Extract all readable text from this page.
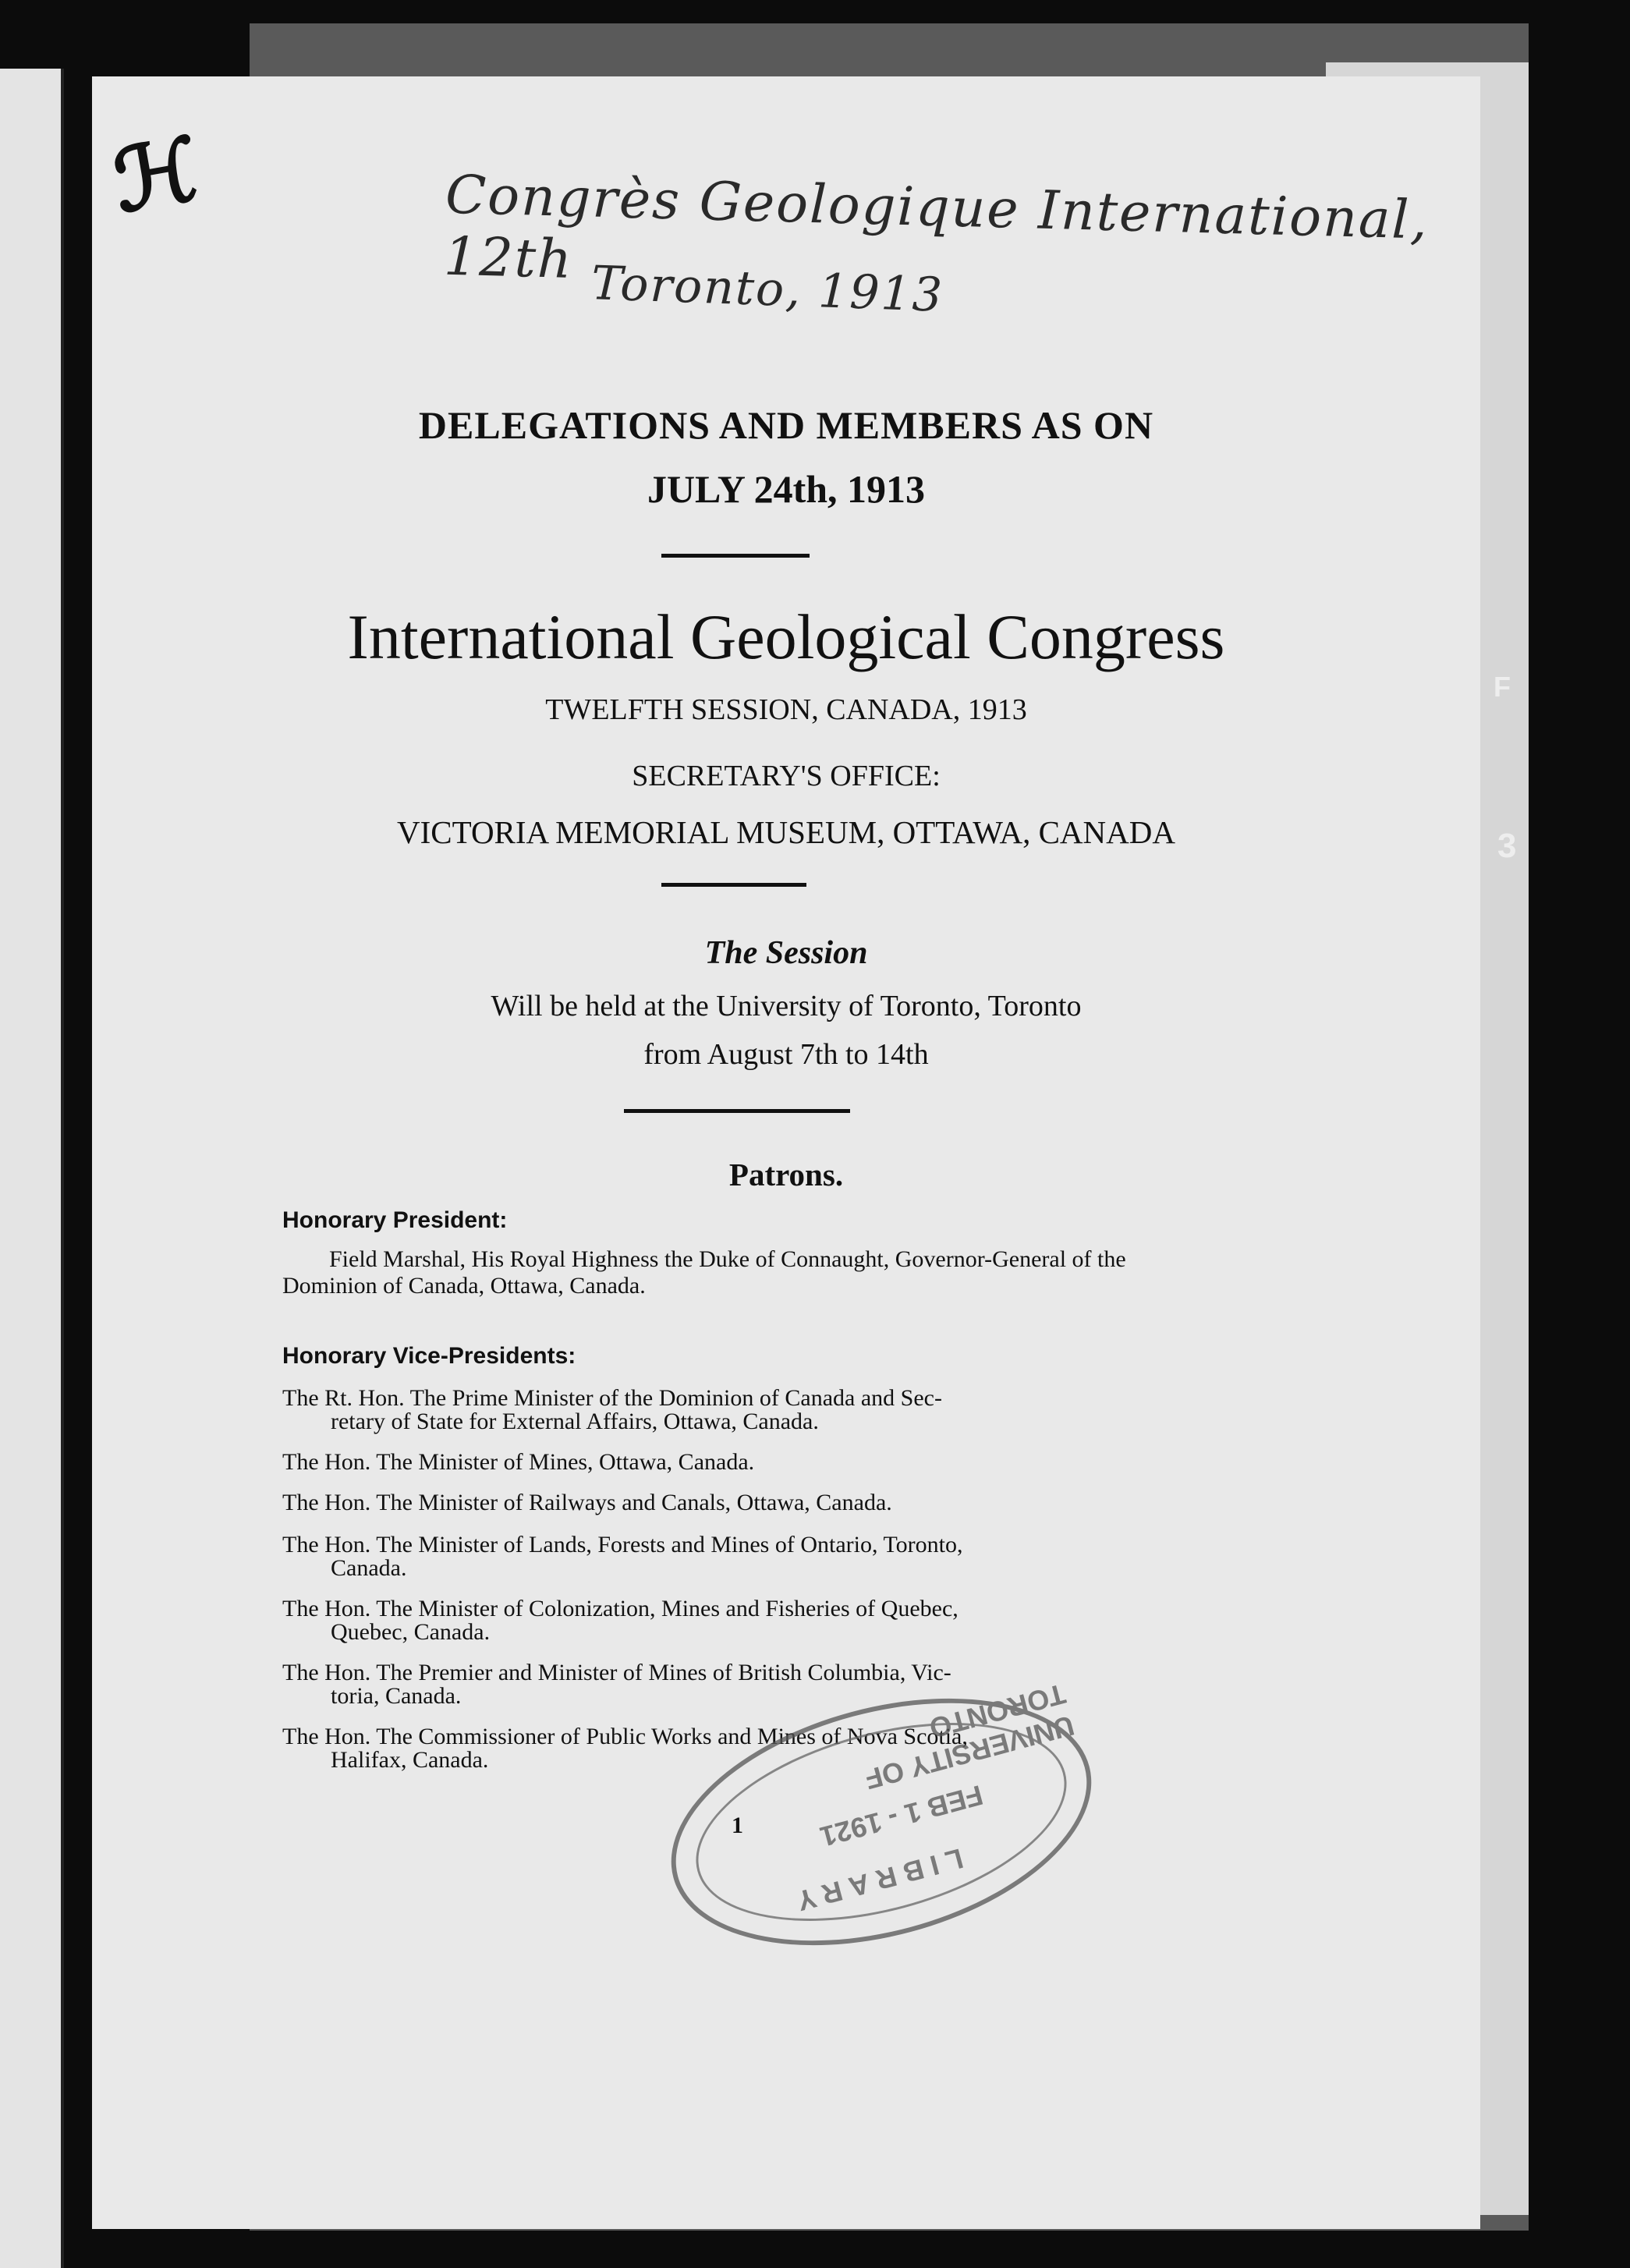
F
3
ℋ	Congrès Geologique International, 12th Toronto, 1913
DELEGATIONS AND MEMBERS AS ON
JULY 24th, 1913
International Geological Congress
TWELFTH SESSION, CANADA, 1913
SECRETARY'S OFFICE:
VICTORIA MEMORIAL MUSEUM, OTTAWA, CANADA
The Session
Will be held at the University of Toronto, Toronto
from August 7th to 14th
Patrons.
Honorary President:
Field Marshal, His Royal Highness the Duke of Connaught, Governor-General of the Dominion of Canada, Ottawa, Canada.
Honorary Vice-Presidents:
The Rt. Hon. The Prime Minister of the Dominion of Canada and Sec-
retary of State for External Affairs, Ottawa, Canada.
The Hon. The Minister of Mines, Ottawa, Canada.
The Hon. The Minister of Railways and Canals, Ottawa, Canada.
The Hon. The Minister of Lands, Forests and Mines of Ontario, Toronto,
Canada.
The Hon. The Minister of Colonization, Mines and Fisheries of Quebec,
Quebec, Canada.
The Hon. The Premier and Minister of Mines of British Columbia, Vic-
toria, Canada.
The Hon. The Commissioner of Public Works and Mines of Nova Scotia,
Halifax, Canada.	UNIVERSITY OF TORONTO
FEB 1 - 1921
LIBRARY
1
